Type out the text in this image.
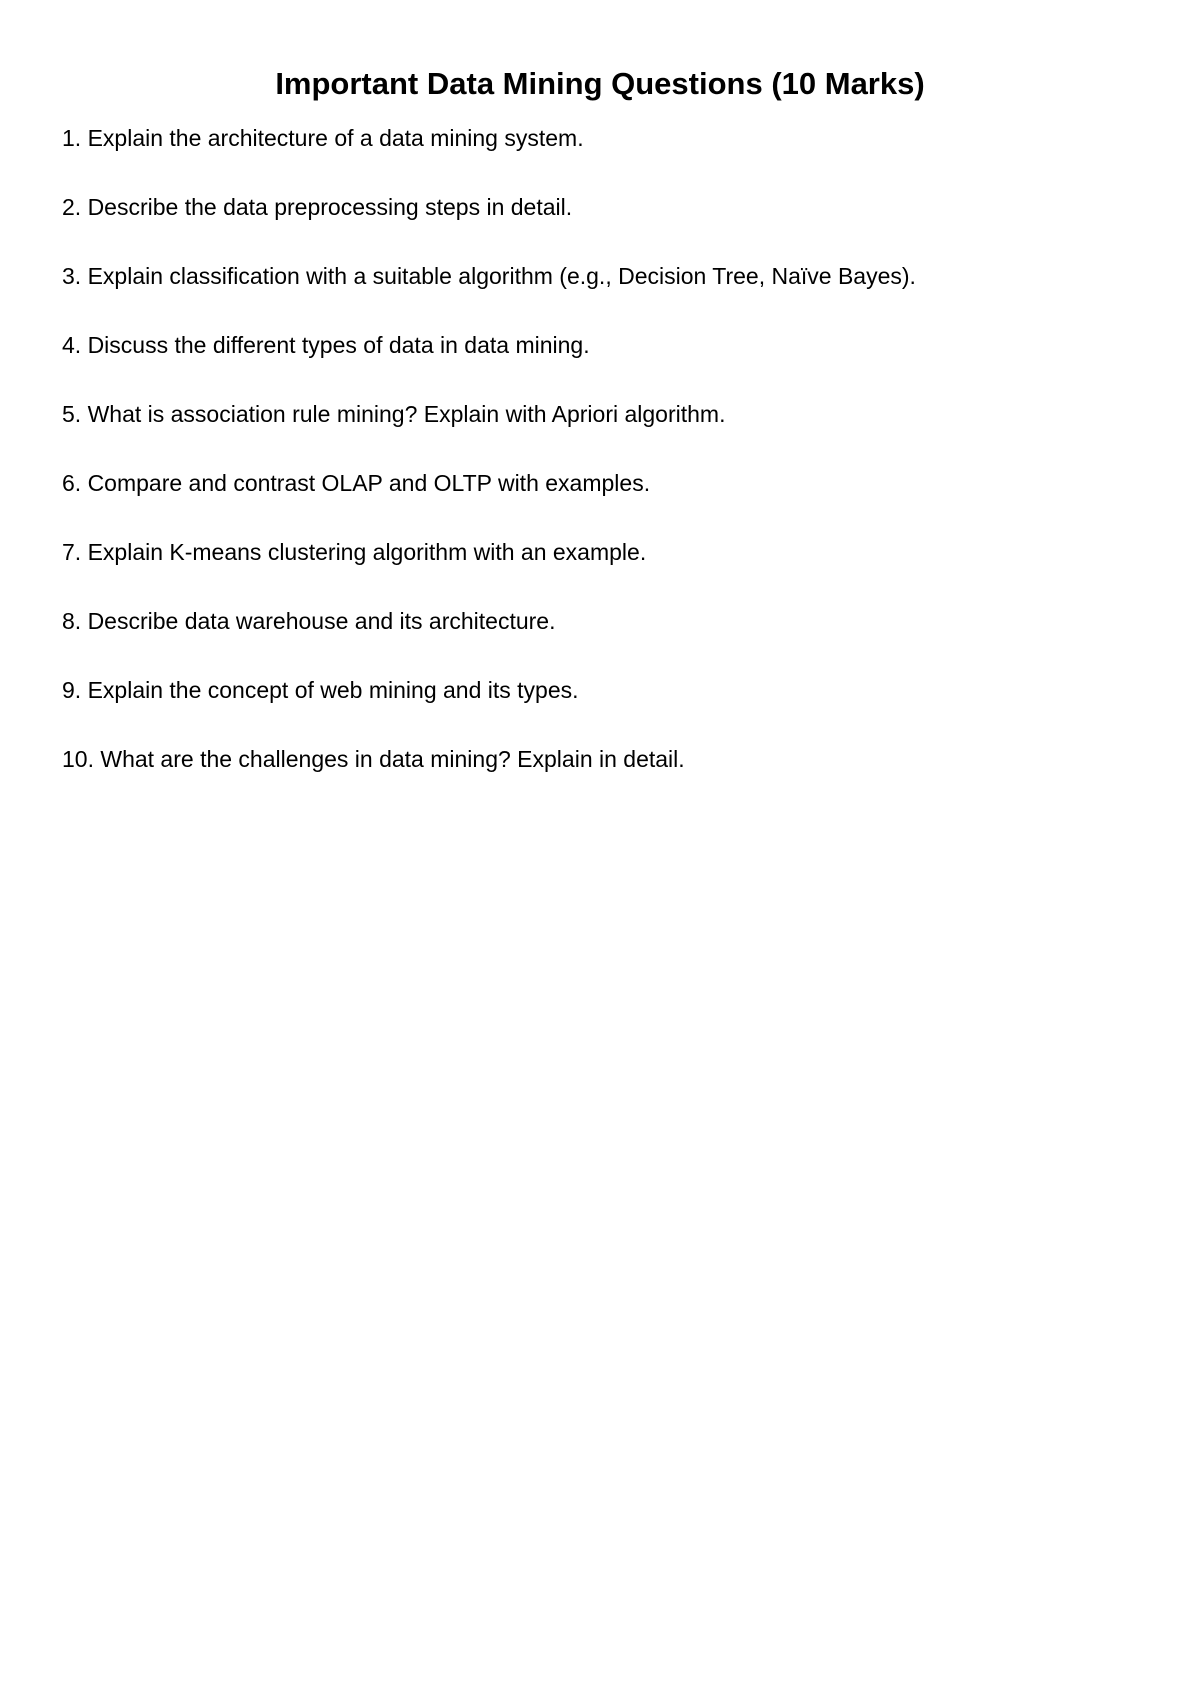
Important Data Mining Questions (10 Marks)
1. Explain the architecture of a data mining system.
2. Describe the data preprocessing steps in detail.
3. Explain classification with a suitable algorithm (e.g., Decision Tree, Naïve Bayes).
4. Discuss the different types of data in data mining.
5. What is association rule mining? Explain with Apriori algorithm.
6. Compare and contrast OLAP and OLTP with examples.
7. Explain K-means clustering algorithm with an example.
8. Describe data warehouse and its architecture.
9. Explain the concept of web mining and its types.
10. What are the challenges in data mining? Explain in detail.
